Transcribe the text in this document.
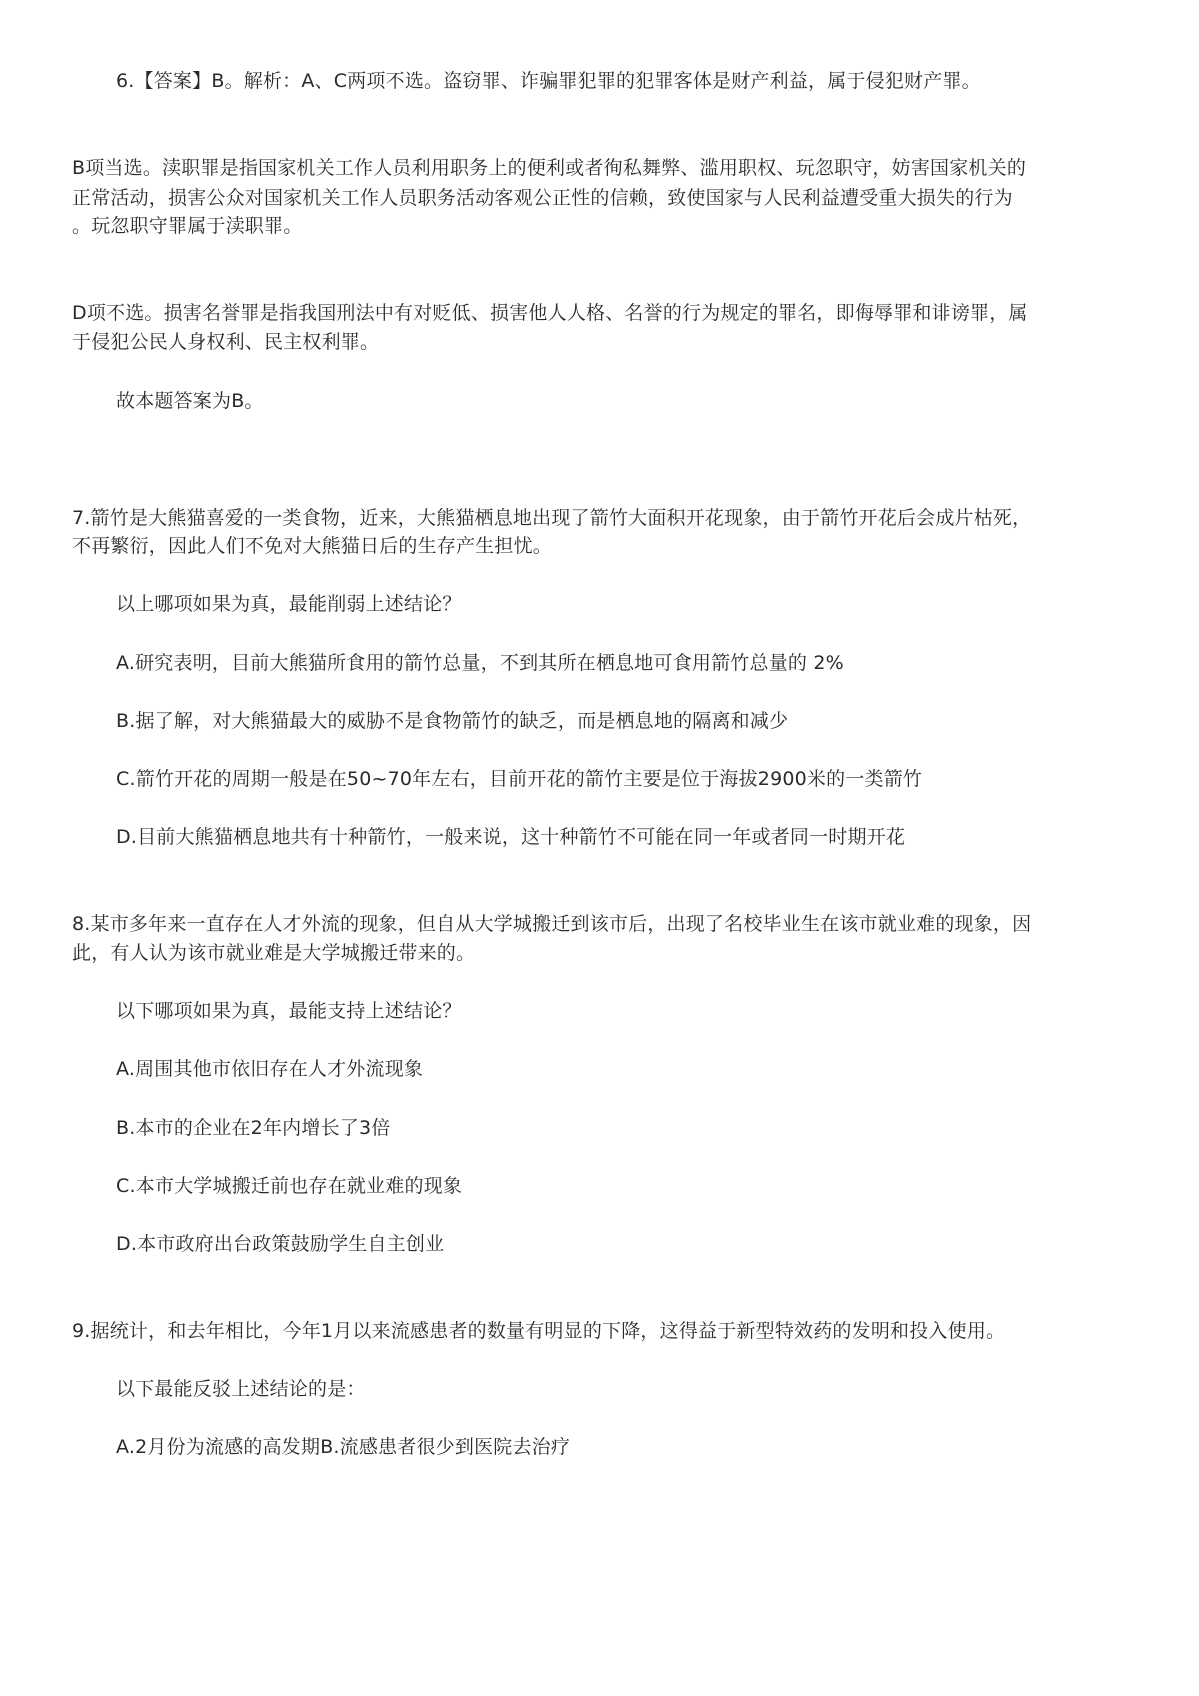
6.【答案】B。解析：A、C两项不选。盗窃罪、诈骗罪犯罪的犯罪客体是财产利益，属于侵犯财产罪。
B项当选。渎职罪是指国家机关工作人员利用职务上的便利或者徇私舞弊、滥用职权、玩忽职守，妨害国家机关的
正常活动，损害公众对国家机关工作人员职务活动客观公正性的信赖，致使国家与人民利益遭受重大损失的行为
。玩忽职守罪属于渎职罪。
D项不选。损害名誉罪是指我国刑法中有对贬低、损害他人人格、名誉的行为规定的罪名，即侮辱罪和诽谤罪，属
于侵犯公民人身权利、民主权利罪。
故本题答案为B。
7.箭竹是大熊猫喜爱的一类食物，近来，大熊猫栖息地出现了箭竹大面积开花现象，由于箭竹开花后会成片枯死，
不再繁衍，因此人们不免对大熊猫日后的生存产生担忧。
以上哪项如果为真，最能削弱上述结论？
A.研究表明，目前大熊猫所食用的箭竹总量，不到其所在栖息地可食用箭竹总量的 2%
B.据了解，对大熊猫最大的威胁不是食物箭竹的缺乏，而是栖息地的隔离和减少
C.箭竹开花的周期一般是在50~70年左右，目前开花的箭竹主要是位于海拔2900米的一类箭竹
D.目前大熊猫栖息地共有十种箭竹，一般来说，这十种箭竹不可能在同一年或者同一时期开花
8.某市多年来一直存在人才外流的现象，但自从大学城搬迁到该市后，出现了名校毕业生在该市就业难的现象，因
此，有人认为该市就业难是大学城搬迁带来的。
以下哪项如果为真，最能支持上述结论？
A.周围其他市依旧存在人才外流现象
B.本市的企业在2年内增长了3倍
C.本市大学城搬迁前也存在就业难的现象
D.本市政府出台政策鼓励学生自主创业
9.据统计，和去年相比，今年1月以来流感患者的数量有明显的下降，这得益于新型特效药的发明和投入使用。
以下最能反驳上述结论的是：
A.2月份为流感的高发期B.流感患者很少到医院去治疗
